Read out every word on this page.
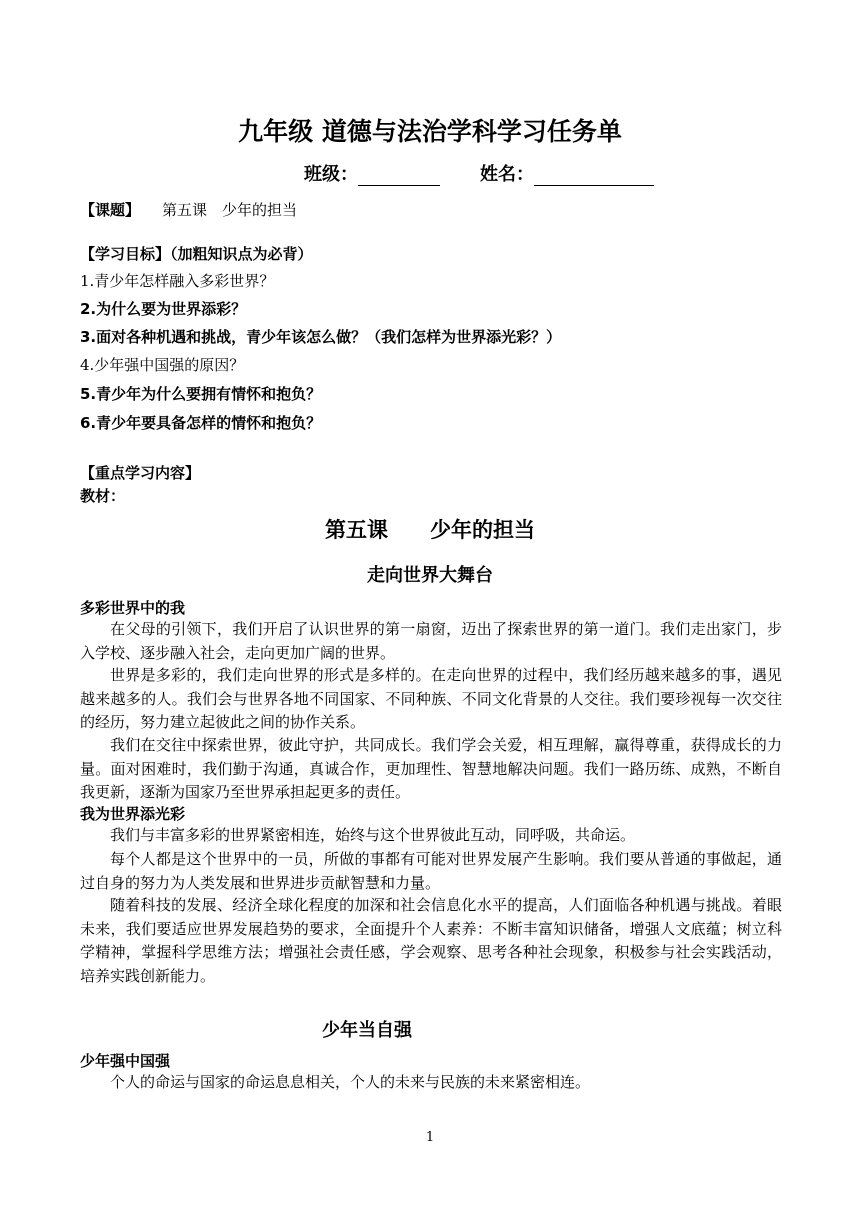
九年级 道德与法治学科学习任务单
班级：	姓名：
【课题】 第五课　少年的担当
【学习目标】（加粗知识点为必背）
1.青少年怎样融入多彩世界？
2.为什么要为世界添彩？
3.面对各种机遇和挑战，青少年该怎么做？（我们怎样为世界添光彩？）
4.少年强中国强的原因？
5.青少年为什么要拥有情怀和抱负？
6.青少年要具备怎样的情怀和抱负？
【重点学习内容】
教材：
第五课　　少年的担当
走向世界大舞台
多彩世界中的我
在父母的引领下，我们开启了认识世界的第一扇窗，迈出了探索世界的第一道门。我们走出家门，步入学校、逐步融入社会，走向更加广阔的世界。
世界是多彩的，我们走向世界的形式是多样的。在走向世界的过程中，我们经历越来越多的事，遇见越来越多的人。我们会与世界各地不同国家、不同种族、不同文化背景的人交往。我们要珍视每一次交往的经历，努力建立起彼此之间的协作关系。
我们在交往中探索世界，彼此守护，共同成长。我们学会关爱，相互理解，赢得尊重，获得成长的力量。面对困难时，我们勤于沟通，真诚合作，更加理性、智慧地解决问题。我们一路历练、成熟，不断自我更新，逐渐为国家乃至世界承担起更多的责任。
我为世界添光彩
我们与丰富多彩的世界紧密相连，始终与这个世界彼此互动，同呼吸，共命运。
每个人都是这个世界中的一员，所做的事都有可能对世界发展产生影响。我们要从普通的事做起，通过自身的努力为人类发展和世界进步贡献智慧和力量。
随着科技的发展、经济全球化程度的加深和社会信息化水平的提高，人们面临各种机遇与挑战。着眼未来，我们要适应世界发展趋势的要求，全面提升个人素养：不断丰富知识储备，增强人文底蕴；树立科学精神，掌握科学思维方法；增强社会责任感，学会观察、思考各种社会现象，积极参与社会实践活动，培养实践创新能力。
少年当自强
少年强中国强
个人的命运与国家的命运息息相关，个人的未来与民族的未来紧密相连。
1
